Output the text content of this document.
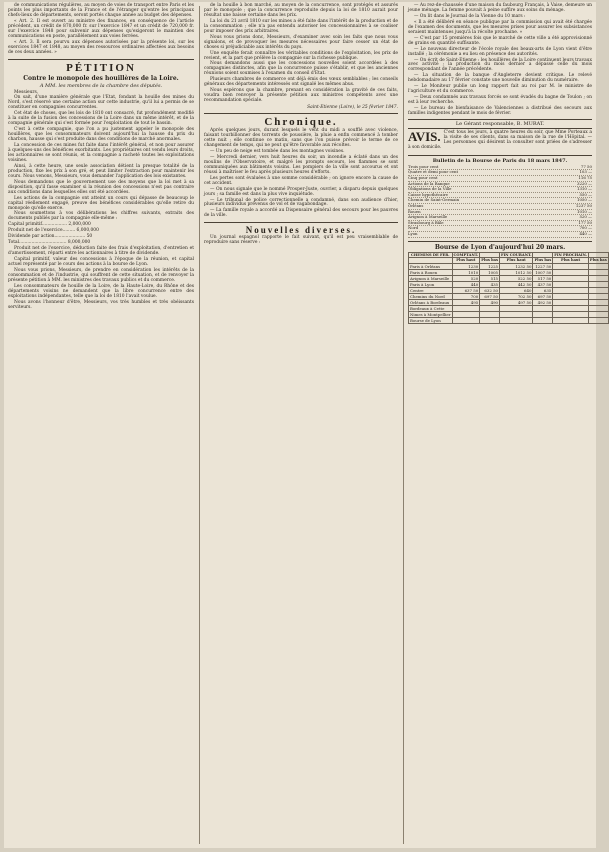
de communications régulières, au moyen de voies de transport entre Paris et les points les plus importants de la France et de l'étranger qu'entre les principaux chefs-lieux de départements, seront portés chaque année au budget des dépenses.

« Art. 2. Il est ouvert au ministre des finances, en conséquence de l'article précédent, un crédit de 870,000 fr. sur l'exercice 1847 et un crédit de 720,000 fr. sur l'exercice 1848 pour subvenir aux dépenses qu'exigeront le maintien des communications en poste, parallèlement aux voies ferrées.

« Art. 3. Il sera pourvu aux dépenses autorisées par la présente loi, sur les exercices 1847 et 1848, au moyen des ressources ordinaires affectées aux besoins de ces deux années. »

PÉTITION
Contre le monopole des houillères de la Loire.
A MM. les membres de la chambre des députés.

Messieurs,

On sait, d'une manière générale que l'Etat, fondant la houille des mines du Nord, s'est réservé une certaine action sur cette industrie, qu'il lui a permis de se constituer en compagnies concurrentes.

Cet état de choses, que les lois de 1810 ont consacré, fut profondément modifié à la suite de la fusion des concessions de la Loire dans un même intérêt, et de la compagnie générale qui s'est formée pour l'exploitation de tout le bassin.

C'est à cette compagnie, que l'on a pu justement appeler le monopole des houillères, que les consommateurs doivent aujourd'hui la hausse du prix du charbon, hausse qui s'est produite dans des conditions de marché anormales.

La concession de ces mines fut faite dans l'intérêt général, et non pour assurer à quelques-uns des bénéfices exorbitants. Les propriétaires ont vendu leurs droits, les actionnaires se sont réunis, et la compagnie a racheté toutes les exploitations voisines.

Ainsi, à cette heure, une seule association détient la presque totalité de la production, fixe les prix à son gré, et peut limiter l'extraction pour maintenir les cours. Nous venons, Messieurs, vous demander l'application des lois existantes.

Nous demandons que le gouvernement use des moyens que la loi met à sa disposition, qu'il fasse examiner si la réunion des concessions n'est pas contraire aux conditions dans lesquelles elles ont été accordées.

Les actions de la compagnie ont atteint un cours qui dépasse de beaucoup le capital réellement engagé, preuve des bénéfices considérables qu'elle retire du monopole qu'elle exerce.

Nous soumettons à vos délibérations les chiffres suivants, extraits des documents publiés par la compagnie elle-même :

Capital primitif.................. 2,000,000
Produit net de l'exercice......... 6,000,000
Dividende par action...................... 50
Total.................................. 8,000,000

Produit net de l'exercice, déduction faite des frais d'exploitation, d'entretien et d'amortissement, réparti entre les actionnaires à titre de dividende.

Capital primitif, valeur des concessions à l'époque de la réunion, et capital actuel représenté par le cours des actions à la bourse de Lyon.

Nous vous prions, Messieurs, de prendre en considération les intérêts de la consommation et de l'industrie, qui souffrent de cette situation, et de renvoyer la présente pétition à MM. les ministres des travaux publics et du commerce.

Les consommateurs de houille de la Loire, de la Haute-Loire, du Rhône et des départements voisins ne demandent que la libre concurrence entre des exploitations indépendantes, telle que la loi de 1810 l'avait voulue.

Nous avons l'honneur d'être, Messieurs, vos très humbles et très obéissants serviteurs.

de la houille à bon marché, au moyen de la concurrence, sont protégés et assurés par le monopole ; que la concurrence reproduite depuis la loi de 1810 aurait pour résultat une baisse certaine dans les prix.

La loi du 21 avril 1810 sur les mines a été faite dans l'intérêt de la production et de la consommation ; elle n'a pas entendu autoriser les concessionnaires à se coaliser pour imposer des prix arbitraires.

Nous vous prions donc, Messieurs, d'examiner avec soin les faits que nous vous signalons, et de provoquer les mesures nécessaires pour faire cesser un état de choses si préjudiciable aux intérêts du pays.

Une enquête ferait connaître les véritables conditions de l'exploitation, les prix de revient, et la part que prélève la compagnie sur la richesse publique.

Nous demandons aussi que les concessions nouvelles soient accordées à des compagnies distinctes, afin que la concurrence puisse s'établir, et que les anciennes réunions soient soumises à l'examen du conseil d'Etat.

Plusieurs chambres de commerce ont déjà émis des vœux semblables ; les conseils généraux des départements intéressés ont signalé les mêmes abus.

Nous espérons que la chambre, prenant en considération la gravité de ces faits, voudra bien renvoyer la présente pétition aux ministres compétents avec une recommandation spéciale.

Saint-Etienne (Loire), le 25 février 1847.
Chronique.

Après quelques jours, durant lesquels le vent du midi a soufflé avec violence, faisant tourbillonner des torrents de poussière, la pluie a enfin commencé à tomber cette nuit ; elle continue ce matin, sans que l'on puisse prévoir le terme de ce changement de temps, qui ne peut qu'être favorable aux récoltes.

— Un peu de neige est tombée dans les montagnes voisines.

— Mercredi dernier, vers huit heures du soir, un incendie a éclaté dans un des moulins de l'Observatoire, et malgré les prompts secours, les flammes se sont communiquées aux bâtiments voisins. Les pompiers de la ville sont accourus et ont réussi à maîtriser le feu après plusieurs heures d'efforts.

Les pertes sont évaluées à une somme considérable ; on ignore encore la cause de cet accident.

— On nous signale que le nommé Prosper-Juste, ouvrier, a disparu depuis quelques jours ; sa famille est dans la plus vive inquiétude.

— Le tribunal de police correctionnelle a condamné, dans son audience d'hier, plusieurs individus prévenus de vol et de vagabondage.

— La famille royale a accordé au Dispensaire général des secours pour les pauvres de la ville.

Nouvelles diverses.

Un journal espagnol rapporte le fait suivant, qu'il est peu vraisemblable de reproduire sans réserve :

— Au rez-de-chaussée d'une maison du faubourg Français, à Vaise, demeure un jeune ménage. La femme pouvait à peine suffire aux soins du ménage.

— On lit dans le Journal de la Vienne du 10 mars :

« Il a été délibéré en séance publique par la commission qui avait été chargée de l'examen des documents, que les mesures prises pour assurer les subsistances seraient maintenues jusqu'à la récolte prochaine. »

— C'est par 15 premières fois que le marché de cette ville a été approvisionné de grains en quantité suffisante.

— Le nouveau directeur de l'école royale des beaux-arts de Lyon vient d'être installé ; la cérémonie a eu lieu en présence des autorités.

— On écrit de Saint-Etienne : les houillères de la Loire continuent leurs travaux avec activité ; la production du mois dernier a dépassé celle du mois correspondant de l'année précédente.

— La situation de la banque d'Angleterre devient critique. Le relevé hebdomadaire au 17 février constate une nouvelle diminution du numéraire.

— Le Moniteur publie un long rapport fait au roi par M. le ministre de l'agriculture et du commerce.

— Deux condamnés aux travaux forcés se sont évadés du bagne de Toulon ; on est à leur recherche.

— Le bureau de bienfaisance de Valenciennes a distribué des secours aux familles indigentes pendant le mois de février.

Le Gérant responsable, B. MURAT.
AVIS. C'est tous les jours, à quatre heures du soir, que Mme Porteaux a la visite de ses clients, dans sa maison de la rue de l'Hôpital. — Les personnes qui désirent la consulter sont priées de s'adresser à son domicile.

Bulletin de la Bourse de Paris du 18 mars 1847.
Trois pour cent	77 50
Quatre et demi pour cent	103 —
Cinq pour cent	116 75
Actions de la Banque	3220 —
Obligations de la Ville	1310 —
Caisse hypothécaire	550 —
Chemin de Saint-Germain	1050 —
Orléans	1237 50
Rouen	1010 —
Avignon à Marseille	520 —
Strasbourg à Bâle	177 50
Nord	700 —
Lyon	440 —
Bourse de Lyon d'aujourd'hui 20 mars.
CHEMINS DE FER.	COMPTANT.		FIN COURANT.		FIN PROCHAIN.	
	Plus haut	Plus bas	Plus haut	Plus bas	Plus haut	Plus bas
Paris à Orléans	1230	1225	1232 50	1227 50		
Paris à Rouen	1010	1005	1012 50	1007 50		
Avignon à Marseille	520	515	522 50	517 50		
Paris à Lyon	440	435	442 50	437 50		
Centre	637 50	632 50	640	635		
Chemins du Nord	700	697 50	702 50	697 50		
Orléans à Bordeaux	495	490	497 50	492 50		
Bordeaux à Cette						
Nimes à Montpellier						
Bourse de Lyon						
